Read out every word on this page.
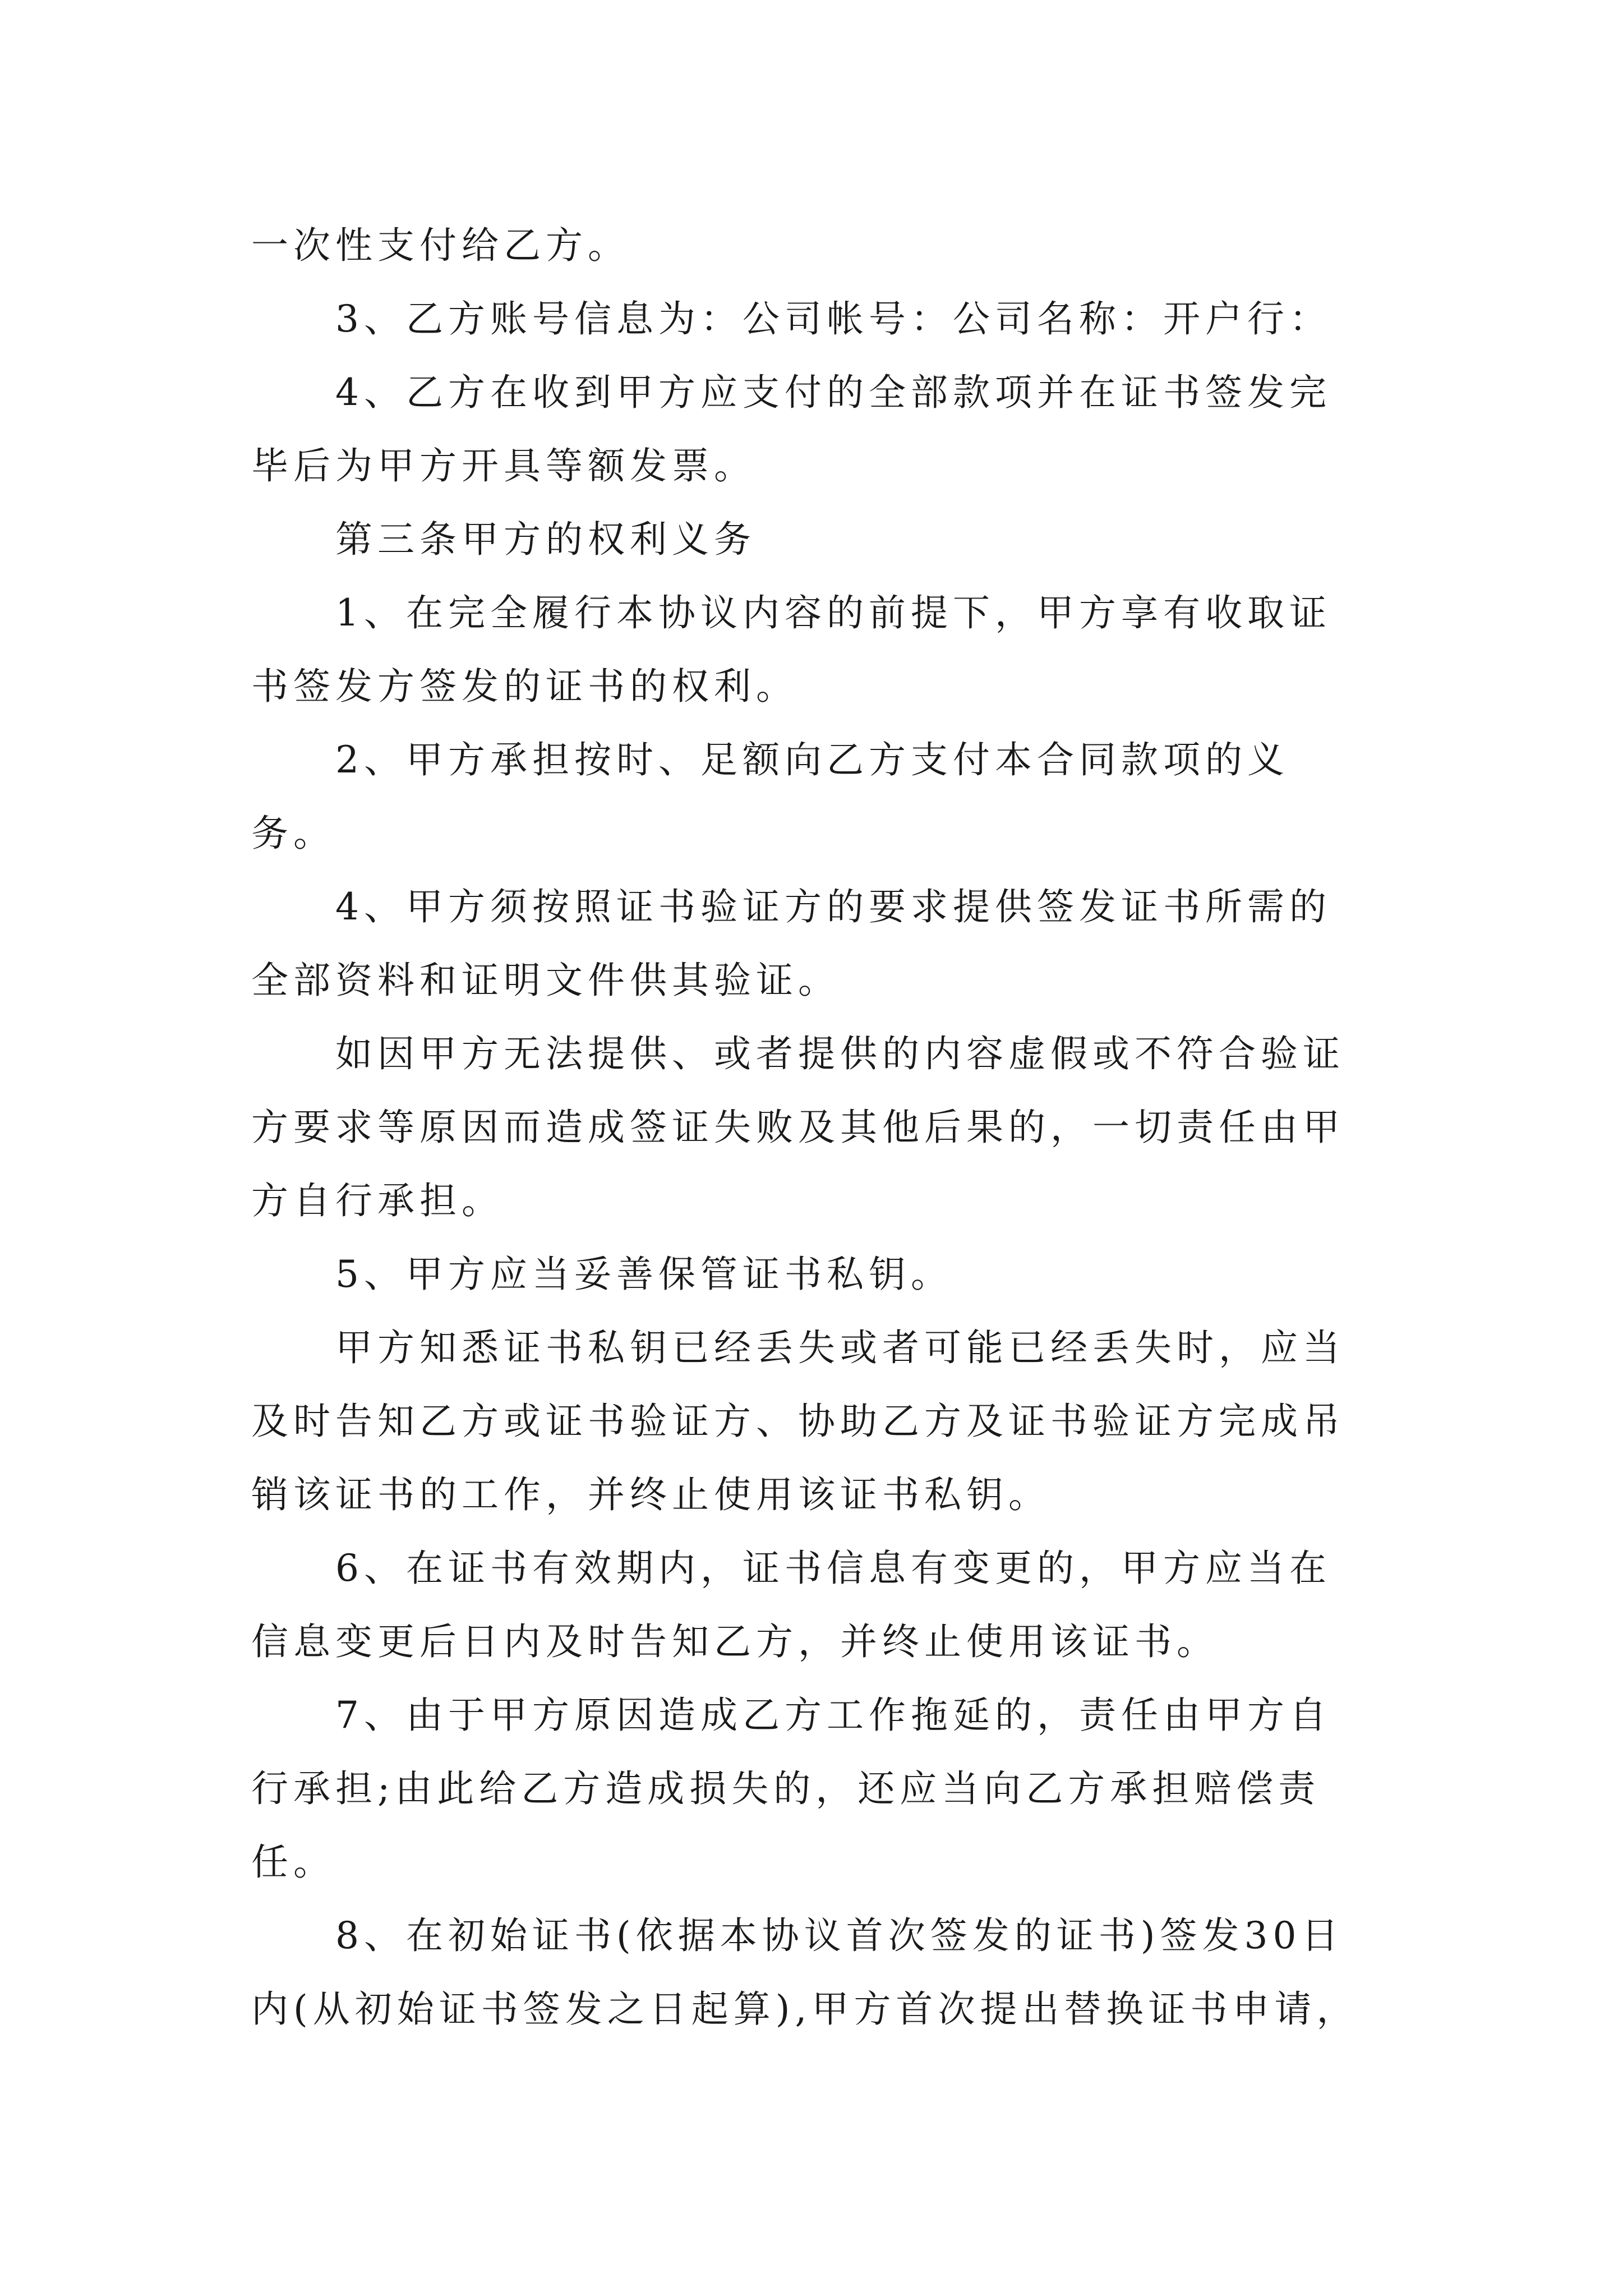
一次性支付给乙方。

3、乙方账号信息为：公司帐号：公司名称：开户行：

4、乙方在收到甲方应支付的全部款项并在证书签发完毕后为甲方开具等额发票。

第三条甲方的权利义务

1、在完全履行本协议内容的前提下，甲方享有收取证书签发方签发的证书的权利。

2、甲方承担按时、足额向乙方支付本合同款项的义务。

4、甲方须按照证书验证方的要求提供签发证书所需的全部资料和证明文件供其验证。

如因甲方无法提供、或者提供的内容虚假或不符合验证方要求等原因而造成签证失败及其他后果的，一切责任由甲方自行承担。

5、甲方应当妥善保管证书私钥。

甲方知悉证书私钥已经丢失或者可能已经丢失时，应当及时告知乙方或证书验证方、协助乙方及证书验证方完成吊销该证书的工作，并终止使用该证书私钥。

6、在证书有效期内，证书信息有变更的，甲方应当在信息变更后日内及时告知乙方，并终止使用该证书。

7、由于甲方原因造成乙方工作拖延的，责任由甲方自行承担;由此给乙方造成损失的，还应当向乙方承担赔偿责任。

8、在初始证书(依据本协议首次签发的证书)签发30日内(从初始证书签发之日起算),甲方首次提出替换证书申请，
